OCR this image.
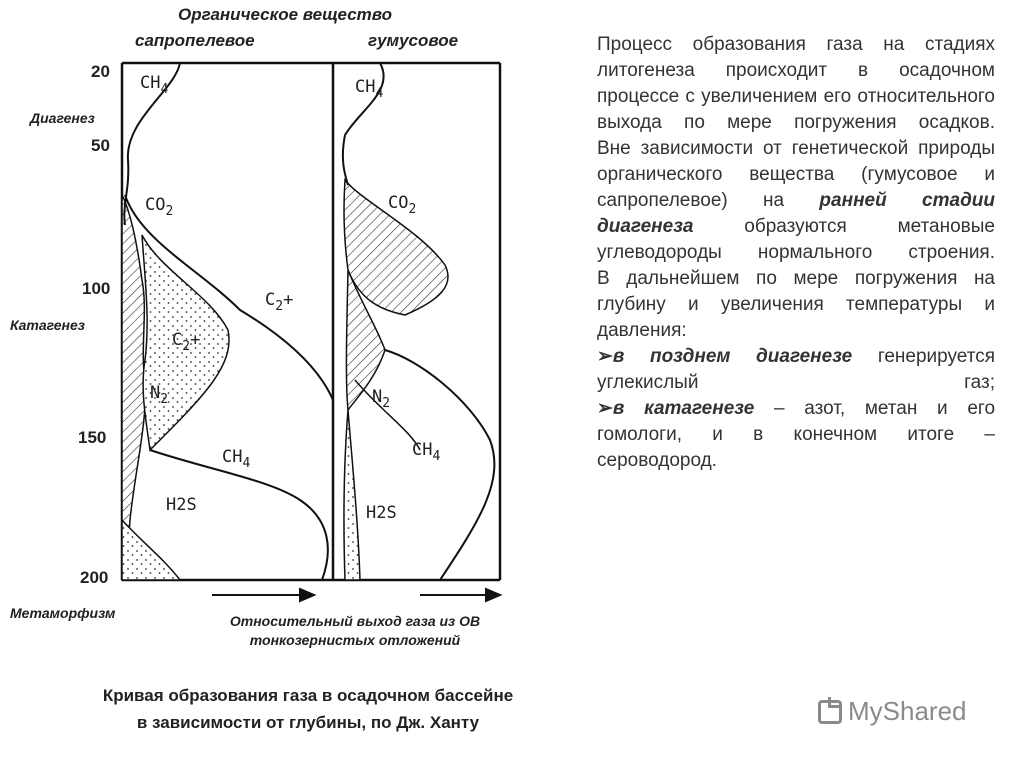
Органическое вещество
сапропелевое	гумусовое
20
50
100
150
200
Диагенез
Катагенез
Метаморфизм
$CH_4$
$CO_2$
$C_2+$
$C_2+$
$N_2$
$CH_4$
H2S
$CH_4$
$CO_2$
$N_2$
$CH_4$
H2S
Относительный выход газа из ОВ
тонкозернистых отложений
Кривая образования газа в осадочном бассейне
в зависимости от глубины, по Дж. Ханту

Процесс образования газа на стадиях литогенеза происходит в осадочном процессе с увеличением его относительного выхода по мере погружения осадков.

Вне зависимости от генетической природы органического вещества (гумусовое и сапропелевое) на ранней стадии диагенеза	образуются метановые углеводороды нормального строения.

В дальнейшем по мере погружения на глубину и увеличения температуры и давления:

➢в позднем диагенезе генерируется углекислый газ;

➢в катагенезе – азот, метан и его гомологи, и в конечном итоге – сероводород.

MyShared
